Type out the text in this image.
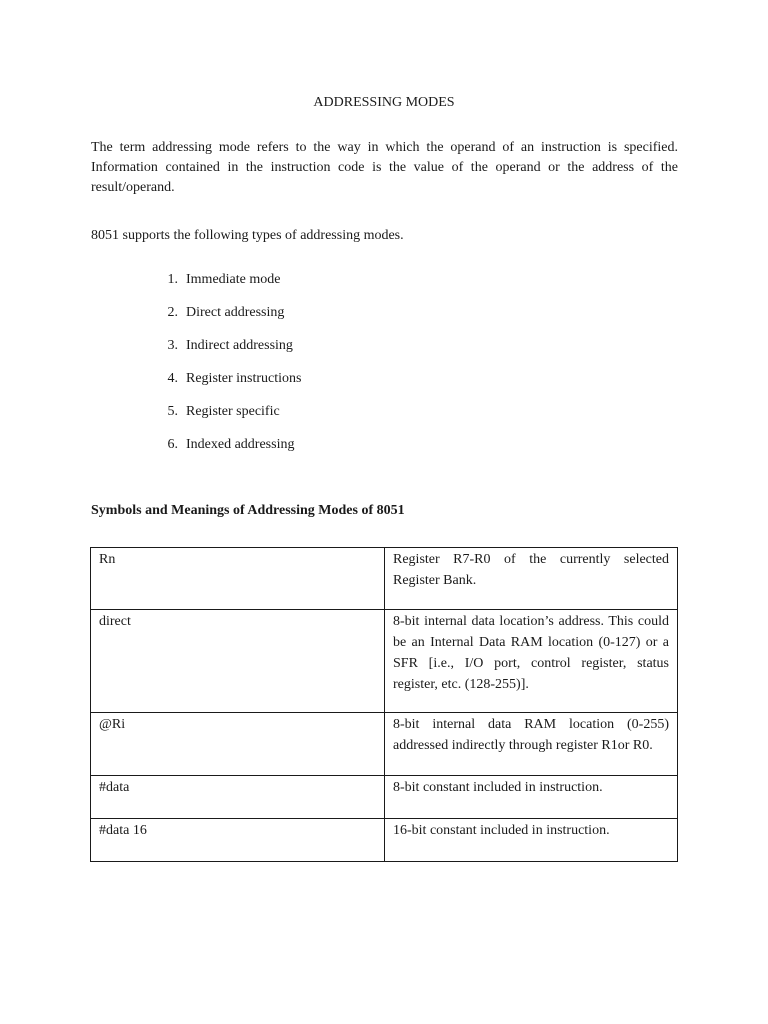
ADDRESSING MODES

The term addressing mode refers to the way in which the operand of an instruction is specified. Information contained in the instruction code is the value of the operand or the address of the result/operand.

8051 supports the following types of addressing modes.

1. Immediate mode
2. Direct addressing
3. Indirect addressing
4. Register instructions
5. Register specific
6. Indexed addressing

Symbols and Meanings of Addressing Modes of 8051

Rn	Register R7-R0 of the currently selected Register Bank.
direct	8-bit internal data location’s address. This could be an Internal Data RAM location (0-127) or a SFR [i.e., I/O port, control register, status register, etc. (128-255)].
@Ri	8-bit internal data RAM location (0-255) addressed indirectly through register R1or R0.
#data	8-bit constant included in instruction.
#data 16	16-bit constant included in instruction.
